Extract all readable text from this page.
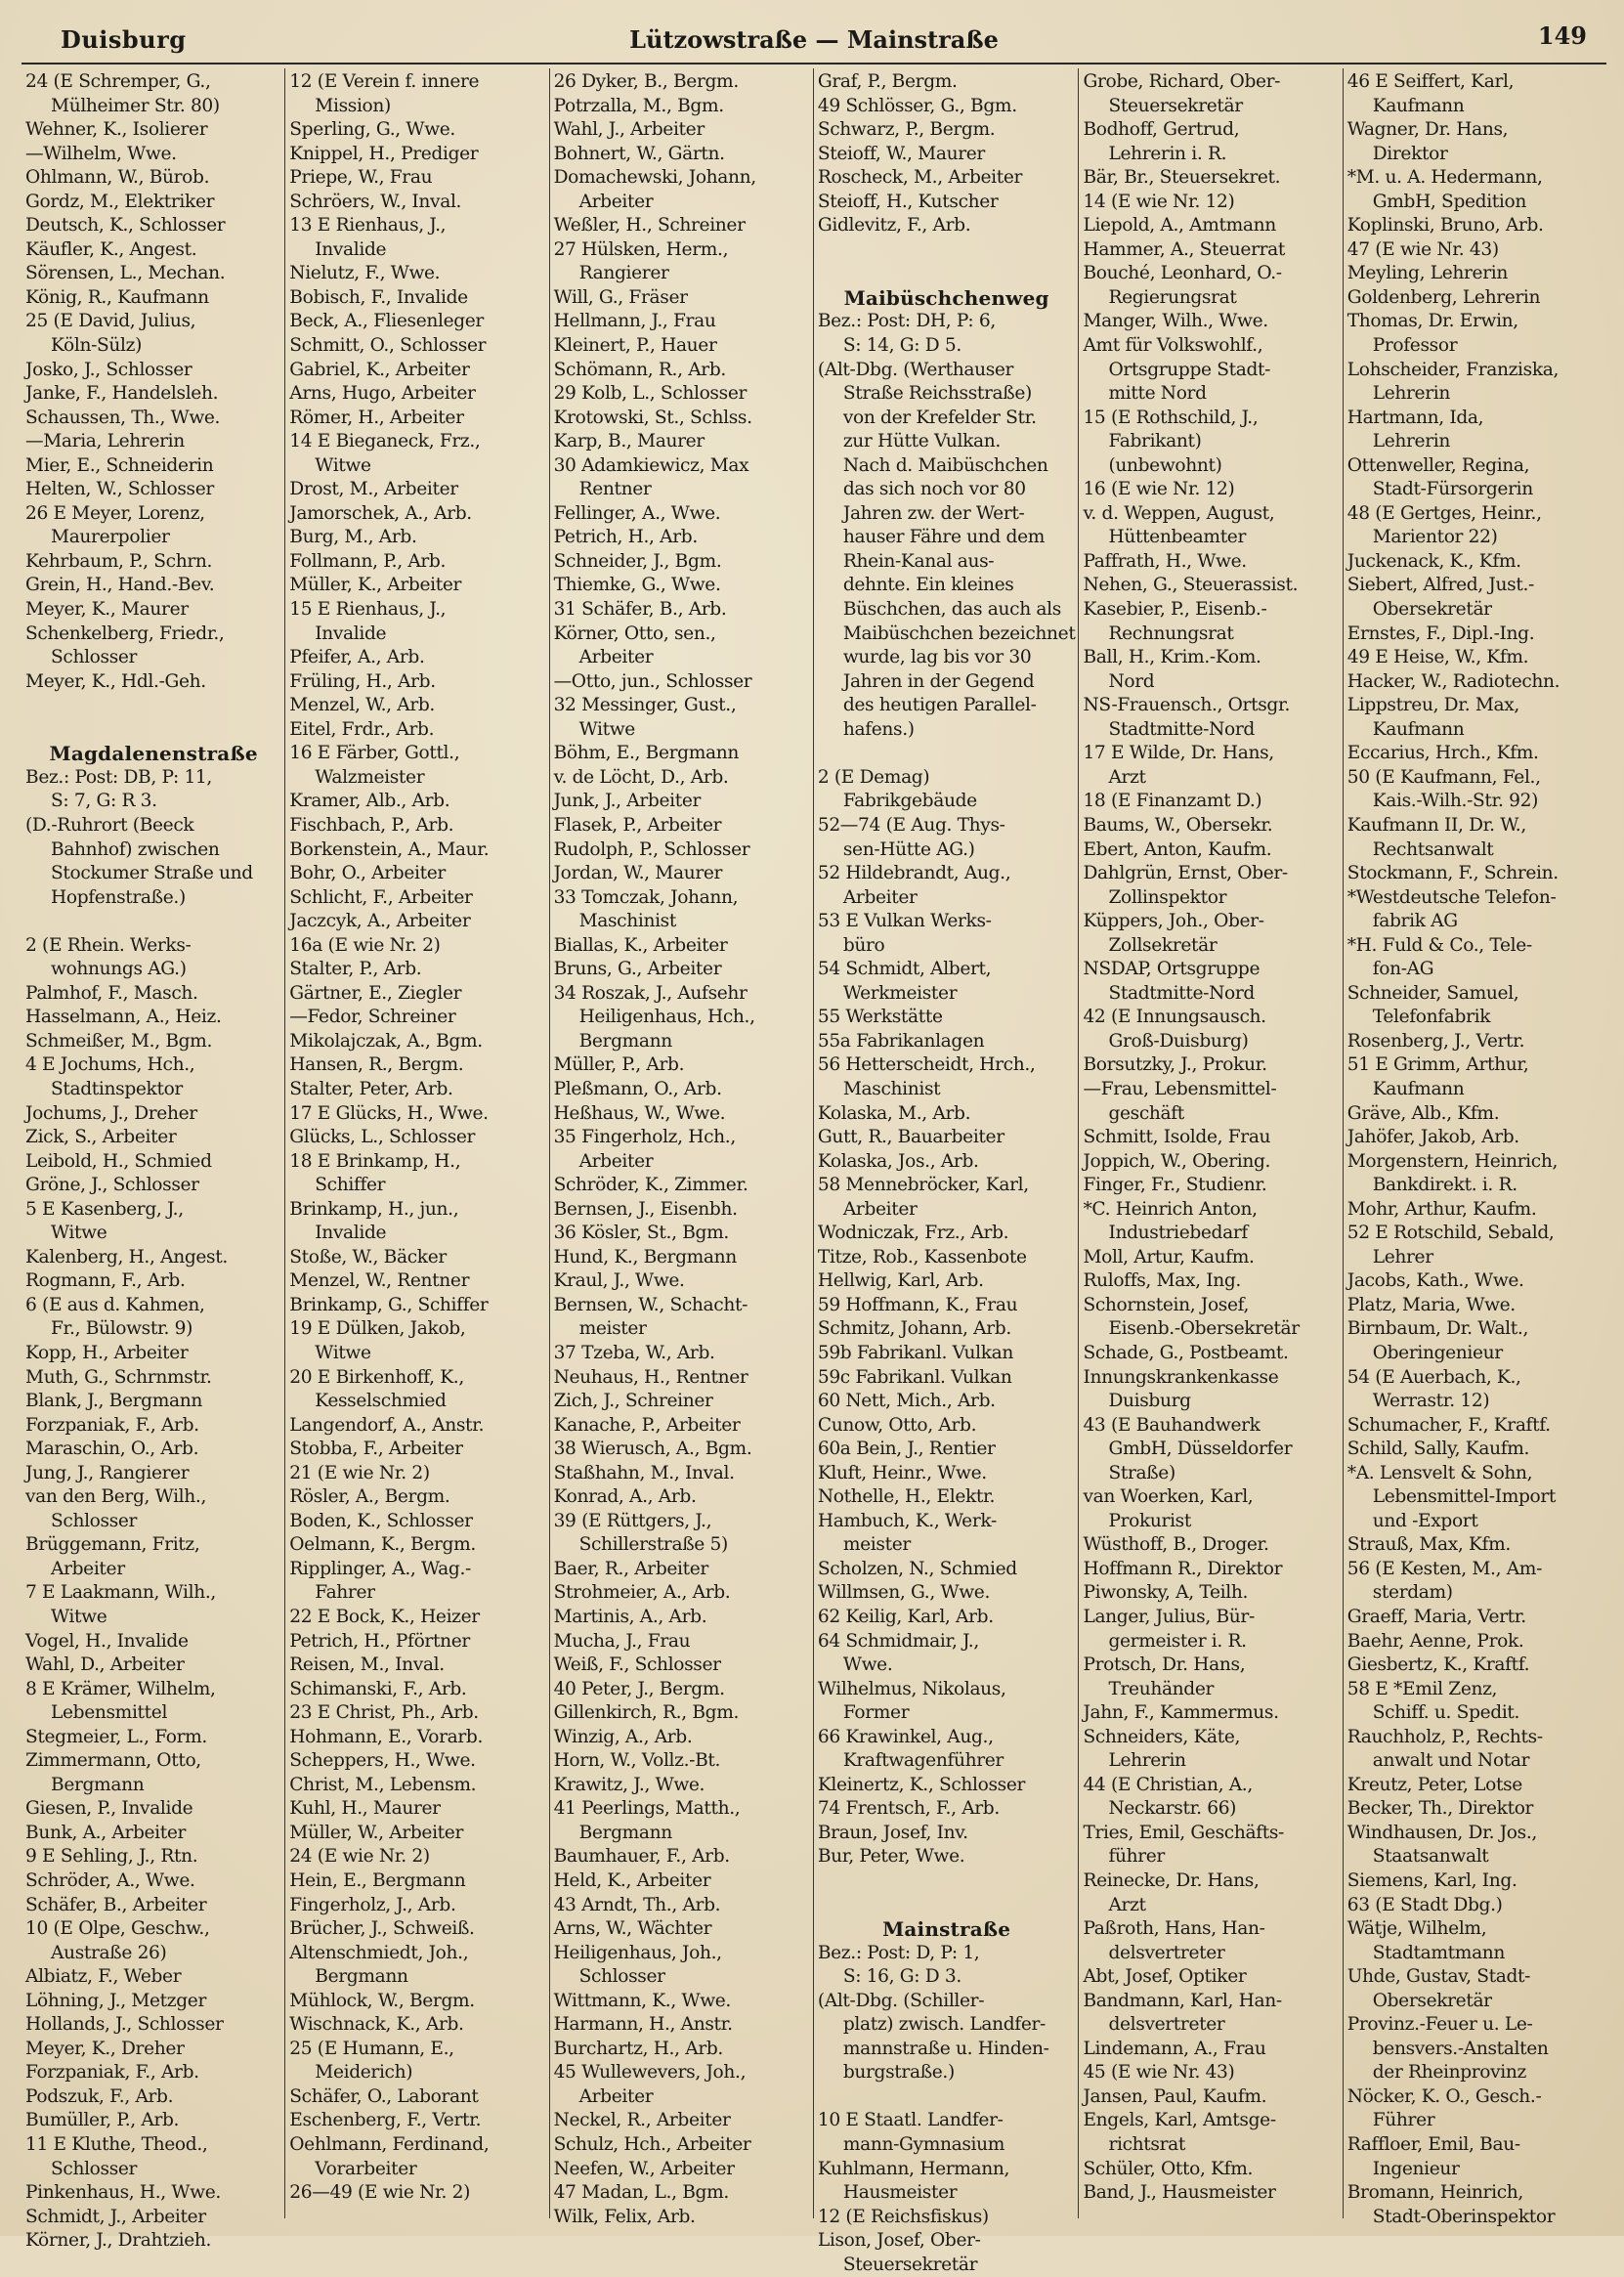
Duisburg	Lützowstraße — Mainstraße	149
24 (E Schremper, G.,
Mülheimer Str. 80)
Wehner, K., Isolierer
—Wilhelm, Wwe.
Ohlmann, W., Bürob.
Gordz, M., Elektriker
Deutsch, K., Schlosser
Käufler, K., Angest.
Sörensen, L., Mechan.
König, R., Kaufmann
25 (E David, Julius,
Köln-Sülz)
Josko, J., Schlosser
Janke, F., Handelsleh.
Schaussen, Th., Wwe.
—Maria, Lehrerin
Mier, E., Schneiderin
Helten, W., Schlosser
26 E Meyer, Lorenz,
Maurerpolier
Kehrbaum, P., Schrn.
Grein, H., Hand.-Bev.
Meyer, K., Maurer
Schenkelberg, Friedr.,
Schlosser
Meyer, K., Hdl.-Geh.
Magdalenenstraße
Bez.: Post: DB, P: 11,
S: 7, G: R 3.
(D.-Ruhrort (Beeck
Bahnhof) zwischen
Stockumer Straße und
Hopfenstraße.)
2 (E Rhein. Werks-
wohnungs AG.)
Palmhof, F., Masch.
Hasselmann, A., Heiz.
Schmeißer, M., Bgm.
4 E Jochums, Hch.,
Stadtinspektor
Jochums, J., Dreher
Zick, S., Arbeiter
Leibold, H., Schmied
Gröne, J., Schlosser
5 E Kasenberg, J.,
Witwe
Kalenberg, H., Angest.
Rogmann, F., Arb.
6 (E aus d. Kahmen,
Fr., Bülowstr. 9)
Kopp, H., Arbeiter
Muth, G., Schrnmstr.
Blank, J., Bergmann
Forzpaniak, F., Arb.
Maraschin, O., Arb.
Jung, J., Rangierer
van den Berg, Wilh.,
Schlosser
Brüggemann, Fritz,
Arbeiter
7 E Laakmann, Wilh.,
Witwe
Vogel, H., Invalide
Wahl, D., Arbeiter
8 E Krämer, Wilhelm,
Lebensmittel
Stegmeier, L., Form.
Zimmermann, Otto,
Bergmann
Giesen, P., Invalide
Bunk, A., Arbeiter
9 E Sehling, J., Rtn.
Schröder, A., Wwe.
Schäfer, B., Arbeiter
10 (E Olpe, Geschw.,
Austraße 26)
Albiatz, F., Weber
Löhning, J., Metzger
Hollands, J., Schlosser
Meyer, K., Dreher
Forzpaniak, F., Arb.
Podszuk, F., Arb.
Bumüller, P., Arb.
11 E Kluthe, Theod.,
Schlosser
Pinkenhaus, H., Wwe.
Schmidt, J., Arbeiter
Körner, J., Drahtzieh.
12 (E Verein f. innere
Mission)
Sperling, G., Wwe.
Knippel, H., Prediger
Priepe, W., Frau
Schröers, W., Inval.
13 E Rienhaus, J.,
Invalide
Nielutz, F., Wwe.
Bobisch, F., Invalide
Beck, A., Fliesenleger
Schmitt, O., Schlosser
Gabriel, K., Arbeiter
Arns, Hugo, Arbeiter
Römer, H., Arbeiter
14 E Bieganeck, Frz.,
Witwe
Drost, M., Arbeiter
Jamorschek, A., Arb.
Burg, M., Arb.
Follmann, P., Arb.
Müller, K., Arbeiter
15 E Rienhaus, J.,
Invalide
Pfeifer, A., Arb.
Früling, H., Arb.
Menzel, W., Arb.
Eitel, Frdr., Arb.
16 E Färber, Gottl.,
Walzmeister
Kramer, Alb., Arb.
Fischbach, P., Arb.
Borkenstein, A., Maur.
Bohr, O., Arbeiter
Schlicht, F., Arbeiter
Jaczcyk, A., Arbeiter
16a (E wie Nr. 2)
Stalter, P., Arb.
Gärtner, E., Ziegler
—Fedor, Schreiner
Mikolajczak, A., Bgm.
Hansen, R., Bergm.
Stalter, Peter, Arb.
17 E Glücks, H., Wwe.
Glücks, L., Schlosser
18 E Brinkamp, H.,
Schiffer
Brinkamp, H., jun.,
Invalide
Stoße, W., Bäcker
Menzel, W., Rentner
Brinkamp, G., Schiffer
19 E Dülken, Jakob,
Witwe
20 E Birkenhoff, K.,
Kesselschmied
Langendorf, A., Anstr.
Stobba, F., Arbeiter
21 (E wie Nr. 2)
Rösler, A., Bergm.
Boden, K., Schlosser
Oelmann, K., Bergm.
Ripplinger, A., Wag.-
Fahrer
22 E Bock, K., Heizer
Petrich, H., Pförtner
Reisen, M., Inval.
Schimanski, F., Arb.
23 E Christ, Ph., Arb.
Hohmann, E., Vorarb.
Scheppers, H., Wwe.
Christ, M., Lebensm.
Kuhl, H., Maurer
Müller, W., Arbeiter
24 (E wie Nr. 2)
Hein, E., Bergmann
Fingerholz, J., Arb.
Brücher, J., Schweiß.
Altenschmiedt, Joh.,
Bergmann
Mühlock, W., Bergm.
Wischnack, K., Arb.
25 (E Humann, E.,
Meiderich)
Schäfer, O., Laborant
Eschenberg, F., Vertr.
Oehlmann, Ferdinand,
Vorarbeiter
26—49 (E wie Nr. 2)
26 Dyker, B., Bergm.
Potrzalla, M., Bgm.
Wahl, J., Arbeiter
Bohnert, W., Gärtn.
Domachewski, Johann,
Arbeiter
Weßler, H., Schreiner
27 Hülsken, Herm.,
Rangierer
Will, G., Fräser
Hellmann, J., Frau
Kleinert, P., Hauer
Schömann, R., Arb.
29 Kolb, L., Schlosser
Krotowski, St., Schlss.
Karp, B., Maurer
30 Adamkiewicz, Max
Rentner
Fellinger, A., Wwe.
Petrich, H., Arb.
Schneider, J., Bgm.
Thiemke, G., Wwe.
31 Schäfer, B., Arb.
Körner, Otto, sen.,
Arbeiter
—Otto, jun., Schlosser
32 Messinger, Gust.,
Witwe
Böhm, E., Bergmann
v. de Löcht, D., Arb.
Junk, J., Arbeiter
Flasek, P., Arbeiter
Rudolph, P., Schlosser
Jordan, W., Maurer
33 Tomczak, Johann,
Maschinist
Biallas, K., Arbeiter
Bruns, G., Arbeiter
34 Roszak, J., Aufsehr
Heiligenhaus, Hch.,
Bergmann
Müller, P., Arb.
Pleßmann, O., Arb.
Heßhaus, W., Wwe.
35 Fingerholz, Hch.,
Arbeiter
Schröder, K., Zimmer.
Bernsen, J., Eisenbh.
36 Kösler, St., Bgm.
Hund, K., Bergmann
Kraul, J., Wwe.
Bernsen, W., Schacht-
meister
37 Tzeba, W., Arb.
Neuhaus, H., Rentner
Zich, J., Schreiner
Kanache, P., Arbeiter
38 Wierusch, A., Bgm.
Staßhahn, M., Inval.
Konrad, A., Arb.
39 (E Rüttgers, J.,
Schillerstraße 5)
Baer, R., Arbeiter
Strohmeier, A., Arb.
Martinis, A., Arb.
Mucha, J., Frau
Weiß, F., Schlosser
40 Peter, J., Bergm.
Gillenkirch, R., Bgm.
Winzig, A., Arb.
Horn, W., Vollz.-Bt.
Krawitz, J., Wwe.
41 Peerlings, Matth.,
Bergmann
Baumhauer, F., Arb.
Held, K., Arbeiter
43 Arndt, Th., Arb.
Arns, W., Wächter
Heiligenhaus, Joh.,
Schlosser
Wittmann, K., Wwe.
Harmann, H., Anstr.
Burchartz, H., Arb.
45 Wullewevers, Joh.,
Arbeiter
Neckel, R., Arbeiter
Schulz, Hch., Arbeiter
Neefen, W., Arbeiter
47 Madan, L., Bgm.
Wilk, Felix, Arb.
Graf, P., Bergm.
49 Schlösser, G., Bgm.
Schwarz, P., Bergm.
Steioff, W., Maurer
Roscheck, M., Arbeiter
Steioff, H., Kutscher
Gidlevitz, F., Arb.
Maibüschchenweg
Bez.: Post: DH, P: 6,
S: 14, G: D 5.
(Alt-Dbg. (Werthauser
Straße Reichsstraße)
von der Krefelder Str.
zur Hütte Vulkan.
Nach d. Maibüschchen
das sich noch vor 80
Jahren zw. der Wert-
hauser Fähre und dem
Rhein-Kanal aus-
dehnte. Ein kleines
Büschchen, das auch als
Maibüschchen bezeichnet
wurde, lag bis vor 30
Jahren in der Gegend
des heutigen Parallel-
hafens.)
2 (E Demag)
Fabrikgebäude
52—74 (E Aug. Thys-
sen-Hütte AG.)
52 Hildebrandt, Aug.,
Arbeiter
53 E Vulkan Werks-
büro
54 Schmidt, Albert,
Werkmeister
55 Werkstätte
55a Fabrikanlagen
56 Hetterscheidt, Hrch.,
Maschinist
Kolaska, M., Arb.
Gutt, R., Bauarbeiter
Kolaska, Jos., Arb.
58 Mennebröcker, Karl,
Arbeiter
Wodniczak, Frz., Arb.
Titze, Rob., Kassenbote
Hellwig, Karl, Arb.
59 Hoffmann, K., Frau
Schmitz, Johann, Arb.
59b Fabrikanl. Vulkan
59c Fabrikanl. Vulkan
60 Nett, Mich., Arb.
Cunow, Otto, Arb.
60a Bein, J., Rentier
Kluft, Heinr., Wwe.
Nothelle, H., Elektr.
Hambuch, K., Werk-
meister
Scholzen, N., Schmied
Willmsen, G., Wwe.
62 Keilig, Karl, Arb.
64 Schmidmair, J.,
Wwe.
Wilhelmus, Nikolaus,
Former
66 Krawinkel, Aug.,
Kraftwagenführer
Kleinertz, K., Schlosser
74 Frentsch, F., Arb.
Braun, Josef, Inv.
Bur, Peter, Wwe.
Mainstraße
Bez.: Post: D, P: 1,
S: 16, G: D 3.
(Alt-Dbg. (Schiller-
platz) zwisch. Landfer-
mannstraße u. Hinden-
burgstraße.)
10 E Staatl. Landfer-
mann-Gymnasium
Kuhlmann, Hermann,
Hausmeister
12 (E Reichsfiskus)
Lison, Josef, Ober-
Steuersekretär
Grobe, Richard, Ober-
Steuersekretär
Bodhoff, Gertrud,
Lehrerin i. R.
Bär, Br., Steuersekret.
14 (E wie Nr. 12)
Liepold, A., Amtmann
Hammer, A., Steuerrat
Bouché, Leonhard, O.-
Regierungsrat
Manger, Wilh., Wwe.
Amt für Volkswohlf.,
Ortsgruppe Stadt-
mitte Nord
15 (E Rothschild, J.,
Fabrikant)
(unbewohnt)
16 (E wie Nr. 12)
v. d. Weppen, August,
Hüttenbeamter
Paffrath, H., Wwe.
Nehen, G., Steuerassist.
Kasebier, P., Eisenb.-
Rechnungsrat
Ball, H., Krim.-Kom.
Nord
NS-Frauensch., Ortsgr.
Stadtmitte-Nord
17 E Wilde, Dr. Hans,
Arzt
18 (E Finanzamt D.)
Baums, W., Obersekr.
Ebert, Anton, Kaufm.
Dahlgrün, Ernst, Ober-
Zollinspektor
Küppers, Joh., Ober-
Zollsekretär
NSDAP, Ortsgruppe
Stadtmitte-Nord
42 (E Innungsausch.
Groß-Duisburg)
Borsutzky, J., Prokur.
—Frau, Lebensmittel-
geschäft
Schmitt, Isolde, Frau
Joppich, W., Obering.
Finger, Fr., Studienr.
*C. Heinrich Anton,
Industriebedarf
Moll, Artur, Kaufm.
Ruloffs, Max, Ing.
Schornstein, Josef,
Eisenb.-Obersekretär
Schade, G., Postbeamt.
Innungskrankenkasse
Duisburg
43 (E Bauhandwerk
GmbH, Düsseldorfer
Straße)
van Woerken, Karl,
Prokurist
Wüsthoff, B., Droger.
Hoffmann R., Direktor
Piwonsky, A, Teilh.
Langer, Julius, Bür-
germeister i. R.
Protsch, Dr. Hans,
Treuhänder
Jahn, F., Kammermus.
Schneiders, Käte,
Lehrerin
44 (E Christian, A.,
Neckarstr. 66)
Tries, Emil, Geschäfts-
führer
Reinecke, Dr. Hans,
Arzt
Paßroth, Hans, Han-
delsvertreter
Abt, Josef, Optiker
Bandmann, Karl, Han-
delsvertreter
Lindemann, A., Frau
45 (E wie Nr. 43)
Jansen, Paul, Kaufm.
Engels, Karl, Amtsge-
richtsrat
Schüler, Otto, Kfm.
Band, J., Hausmeister
46 E Seiffert, Karl,
Kaufmann
Wagner, Dr. Hans,
Direktor
*M. u. A. Hedermann,
GmbH, Spedition
Koplinski, Bruno, Arb.
47 (E wie Nr. 43)
Meyling, Lehrerin
Goldenberg, Lehrerin
Thomas, Dr. Erwin,
Professor
Lohscheider, Franziska,
Lehrerin
Hartmann, Ida,
Lehrerin
Ottenweller, Regina,
Stadt-Fürsorgerin
48 (E Gertges, Heinr.,
Marientor 22)
Juckenack, K., Kfm.
Siebert, Alfred, Just.-
Obersekretär
Ernstes, F., Dipl.-Ing.
49 E Heise, W., Kfm.
Hacker, W., Radiotechn.
Lippstreu, Dr. Max,
Kaufmann
Eccarius, Hrch., Kfm.
50 (E Kaufmann, Fel.,
Kais.-Wilh.-Str. 92)
Kaufmann II, Dr. W.,
Rechtsanwalt
Stockmann, F., Schrein.
*Westdeutsche Telefon-
fabrik AG
*H. Fuld & Co., Tele-
fon-AG
Schneider, Samuel,
Telefonfabrik
Rosenberg, J., Vertr.
51 E Grimm, Arthur,
Kaufmann
Gräve, Alb., Kfm.
Jahöfer, Jakob, Arb.
Morgenstern, Heinrich,
Bankdirekt. i. R.
Mohr, Arthur, Kaufm.
52 E Rotschild, Sebald,
Lehrer
Jacobs, Kath., Wwe.
Platz, Maria, Wwe.
Birnbaum, Dr. Walt.,
Oberingenieur
54 (E Auerbach, K.,
Werrastr. 12)
Schumacher, F., Kraftf.
Schild, Sally, Kaufm.
*A. Lensvelt & Sohn,
Lebensmittel-Import
und -Export
Strauß, Max, Kfm.
56 (E Kesten, M., Am-
sterdam)
Graeff, Maria, Vertr.
Baehr, Aenne, Prok.
Giesbertz, K., Kraftf.
58 E *Emil Zenz,
Schiff. u. Spedit.
Rauchholz, P., Rechts-
anwalt und Notar
Kreutz, Peter, Lotse
Becker, Th., Direktor
Windhausen, Dr. Jos.,
Staatsanwalt
Siemens, Karl, Ing.
63 (E Stadt Dbg.)
Wätje, Wilhelm,
Stadtamtmann
Uhde, Gustav, Stadt-
Obersekretär
Provinz.-Feuer u. Le-
bensvers.-Anstalten
der Rheinprovinz
Nöcker, K. O., Gesch.-
Führer
Raffloer, Emil, Bau-
Ingenieur
Bromann, Heinrich,
Stadt-Oberinspektor
